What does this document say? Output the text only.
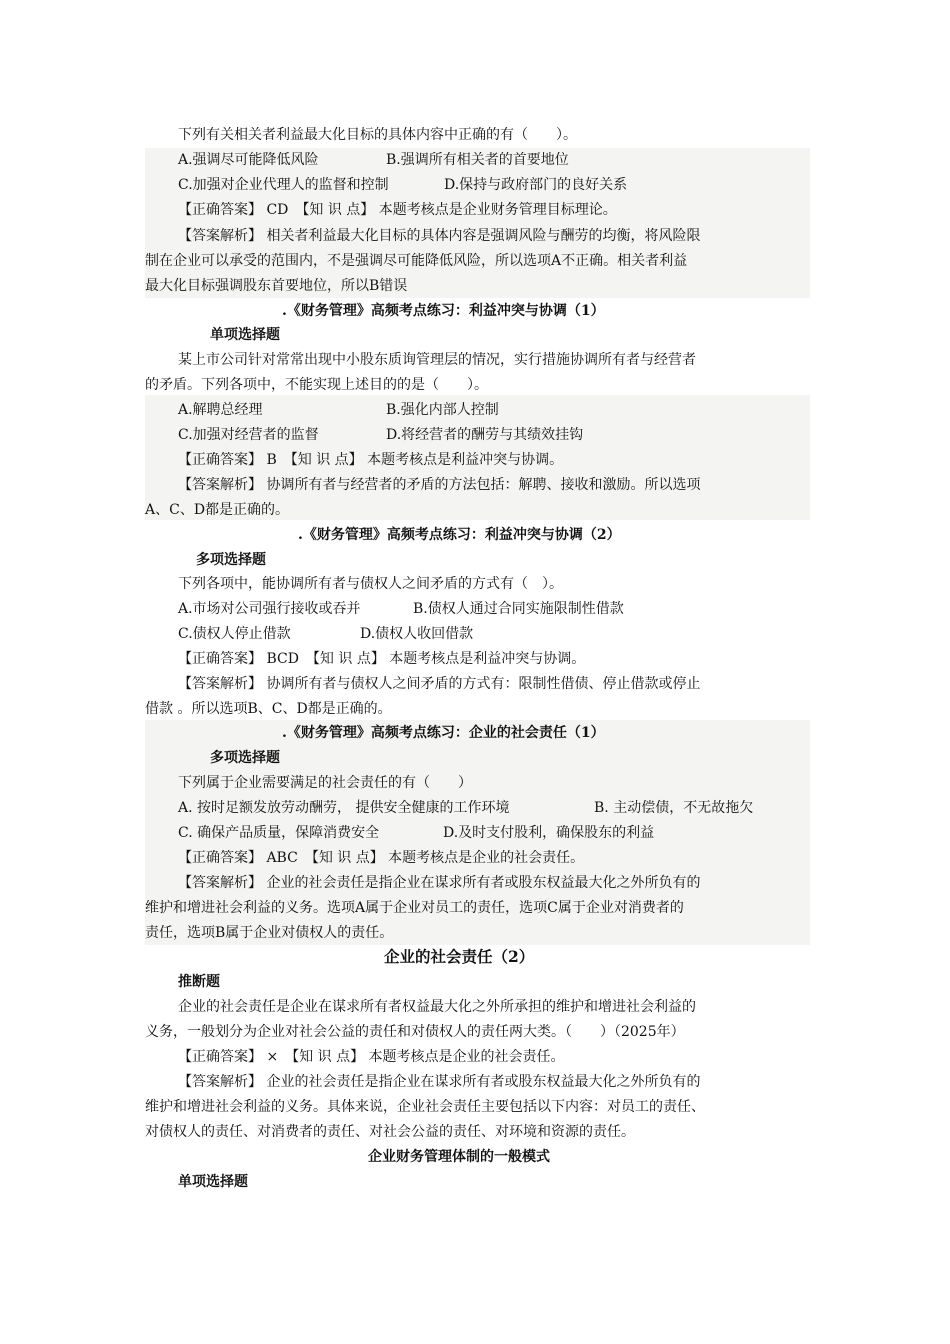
下列有关相关者利益最大化目标的具体内容中正确的有（　　）。
A.强调尽可能降低风险	B.强调所有相关者的首要地位
C.加强对企业代理人的监督和控制	D.保持与政府部门的良好关系
【正确答案】 CD　【知 识 点】 本题考核点是企业财务管理目标理论。
【答案解析】 相关者利益最大化目标的具体内容是强调风险与酬劳的均衡，将风险限
制在企业可以承受的范围内，不是强调尽可能降低风险，所以选项A不正确。相关者利益
最大化目标强调股东首要地位，所以B错误
.《财务管理》高频考点练习：利益冲突与协调（1）
单项选择题
某上市公司针对常常出现中小股东质询管理层的情况，实行措施协调所有者与经营者
的矛盾。下列各项中，不能实现上述目的的是（　　）。
A.解聘总经理	B.强化内部人控制
C.加强对经营者的监督	D.将经营者的酬劳与其绩效挂钩
【正确答案】 B　【知 识 点】 本题考核点是利益冲突与协调。
【答案解析】 协调所有者与经营者的矛盾的方法包括：解聘、接收和激励。所以选项
A、C、D都是正确的。
.《财务管理》高频考点练习：利益冲突与协调（2）
多项选择题
下列各项中，能协调所有者与债权人之间矛盾的方式有（　）。
A.市场对公司强行接收或吞并	B.债权人通过合同实施限制性借款
C.债权人停止借款	D.债权人收回借款
【正确答案】 BCD　【知 识 点】 本题考核点是利益冲突与协调。
【答案解析】 协调所有者与债权人之间矛盾的方式有：限制性借债、停止借款或停止
借款 。所以选项B、C、D都是正确的。
.《财务管理》高频考点练习：企业的社会责任（1）
多项选择题
下列属于企业需要满足的社会责任的有（　　）
A. 按时足额发放劳动酬劳， 提供安全健康的工作环境	B. 主动偿债，不无故拖欠
C. 确保产品质量，保障消费安全	D.及时支付股利，确保股东的利益
【正确答案】 ABC　【知 识 点】 本题考核点是企业的社会责任。
【答案解析】 企业的社会责任是指企业在谋求所有者或股东权益最大化之外所负有的
维护和增进社会利益的义务。选项A属于企业对员工的责任，选项C属于企业对消费者的
责任，选项B属于企业对债权人的责任。
企业的社会责任（2）
推断题
企业的社会责任是企业在谋求所有者权益最大化之外所承担的维护和增进社会利益的
义务，一般划分为企业对社会公益的责任和对债权人的责任两大类。（　　）（2025年）
【正确答案】 ×　【知 识 点】 本题考核点是企业的社会责任。
【答案解析】 企业的社会责任是指企业在谋求所有者或股东权益最大化之外所负有的
维护和增进社会利益的义务。具体来说，企业社会责任主要包括以下内容：对员工的责任、
对债权人的责任、对消费者的责任、对社会公益的责任、对环境和资源的责任。
企业财务管理体制的一般模式
单项选择题
